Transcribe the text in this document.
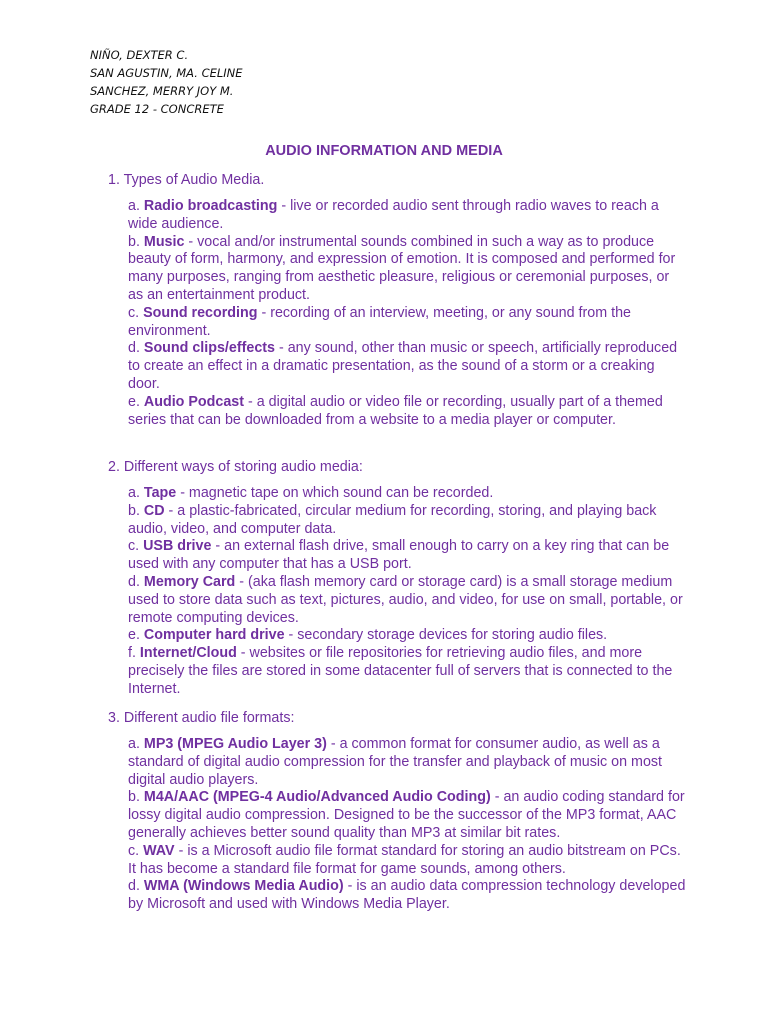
NIÑO, DEXTER C.
SAN AGUSTIN, MA. CELINE
SANCHEZ, MERRY JOY M.
GRADE 12 - CONCRETE
AUDIO INFORMATION AND MEDIA
1. Types of Audio Media.

a. Radio broadcasting - live or recorded audio sent through radio waves to reach a wide audience.

b. Music - vocal and/or instrumental sounds combined in such a way as to produce beauty of form, harmony, and expression of emotion. It is composed and performed for many purposes, ranging from aesthetic pleasure, religious or ceremonial purposes, or as an entertainment product.

c. Sound recording - recording of an interview, meeting, or any sound from the environment.

d. Sound clips/effects - any sound, other than music or speech, artificially reproduced to create an effect in a dramatic presentation, as the sound of a storm or a creaking door.

e. Audio Podcast - a digital audio or video file or recording, usually part of a themed series that can be downloaded from a website to a media player or computer.

2. Different ways of storing audio media:

a. Tape - magnetic tape on which sound can be recorded.

b. CD - a plastic-fabricated, circular medium for recording, storing, and playing back audio, video, and computer data.

c. USB drive - an external flash drive, small enough to carry on a key ring that can be used with any computer that has a USB port.

d. Memory Card - (aka flash memory card or storage card) is a small storage medium used to store data such as text, pictures, audio, and video, for use on small, portable, or remote computing devices.

e. Computer hard drive - secondary storage devices for storing audio files.

f. Internet/Cloud - websites or file repositories for retrieving audio files, and more precisely the files are stored in some datacenter full of servers that is connected to the Internet.

3. Different audio file formats:

a. MP3 (MPEG Audio Layer 3) - a common format for consumer audio, as well as a standard of digital audio compression for the transfer and playback of music on most digital audio players.

b. M4A/AAC (MPEG-4 Audio/Advanced Audio Coding) - an audio coding standard for lossy digital audio compression. Designed to be the successor of the MP3 format, AAC generally achieves better sound quality than MP3 at similar bit rates.

c. WAV - is a Microsoft audio file format standard for storing an audio bitstream on PCs. It has become a standard file format for game sounds, among others.

d. WMA (Windows Media Audio) - is an audio data compression technology developed by Microsoft and used with Windows Media Player.
